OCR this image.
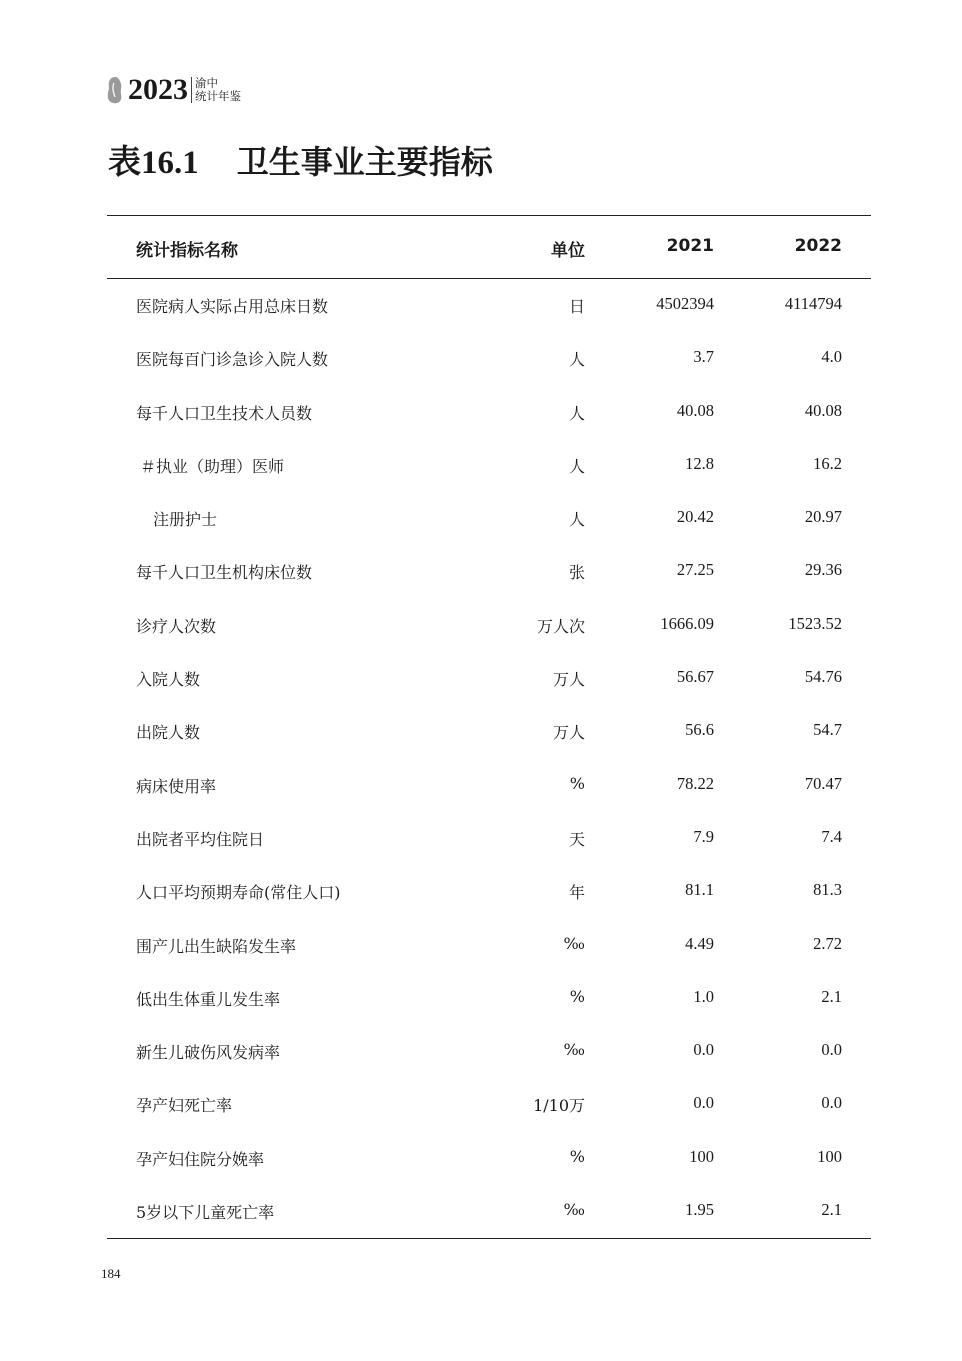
2023 渝中
统计年鉴
表16.1 卫生事业主要指标
统计指标名称	单位	2021	2022
医院病人实际占用总床日数	日	4502394	4114794
医院每百门诊急诊入院人数	人	3.7	4.0
每千人口卫生技术人员数	人	40.08	40.08
＃执业（助理）医师	人	12.8	16.2
注册护士	人	20.42	20.97
每千人口卫生机构床位数	张	27.25	29.36
诊疗人次数	万人次	1666.09	1523.52
入院人数	万人	56.67	54.76
出院人数	万人	56.6	54.7
病床使用率	%	78.22	70.47
出院者平均住院日	天	7.9	7.4
人口平均预期寿命(常住人口)	年	81.1	81.3
围产儿出生缺陷发生率	‰	4.49	2.72
低出生体重儿发生率	%	1.0	2.1
新生儿破伤风发病率	‰	0.0	0.0
孕产妇死亡率	1/10万	0.0	0.0
孕产妇住院分娩率	%	100	100
5岁以下儿童死亡率	‰	1.95	2.1
184
